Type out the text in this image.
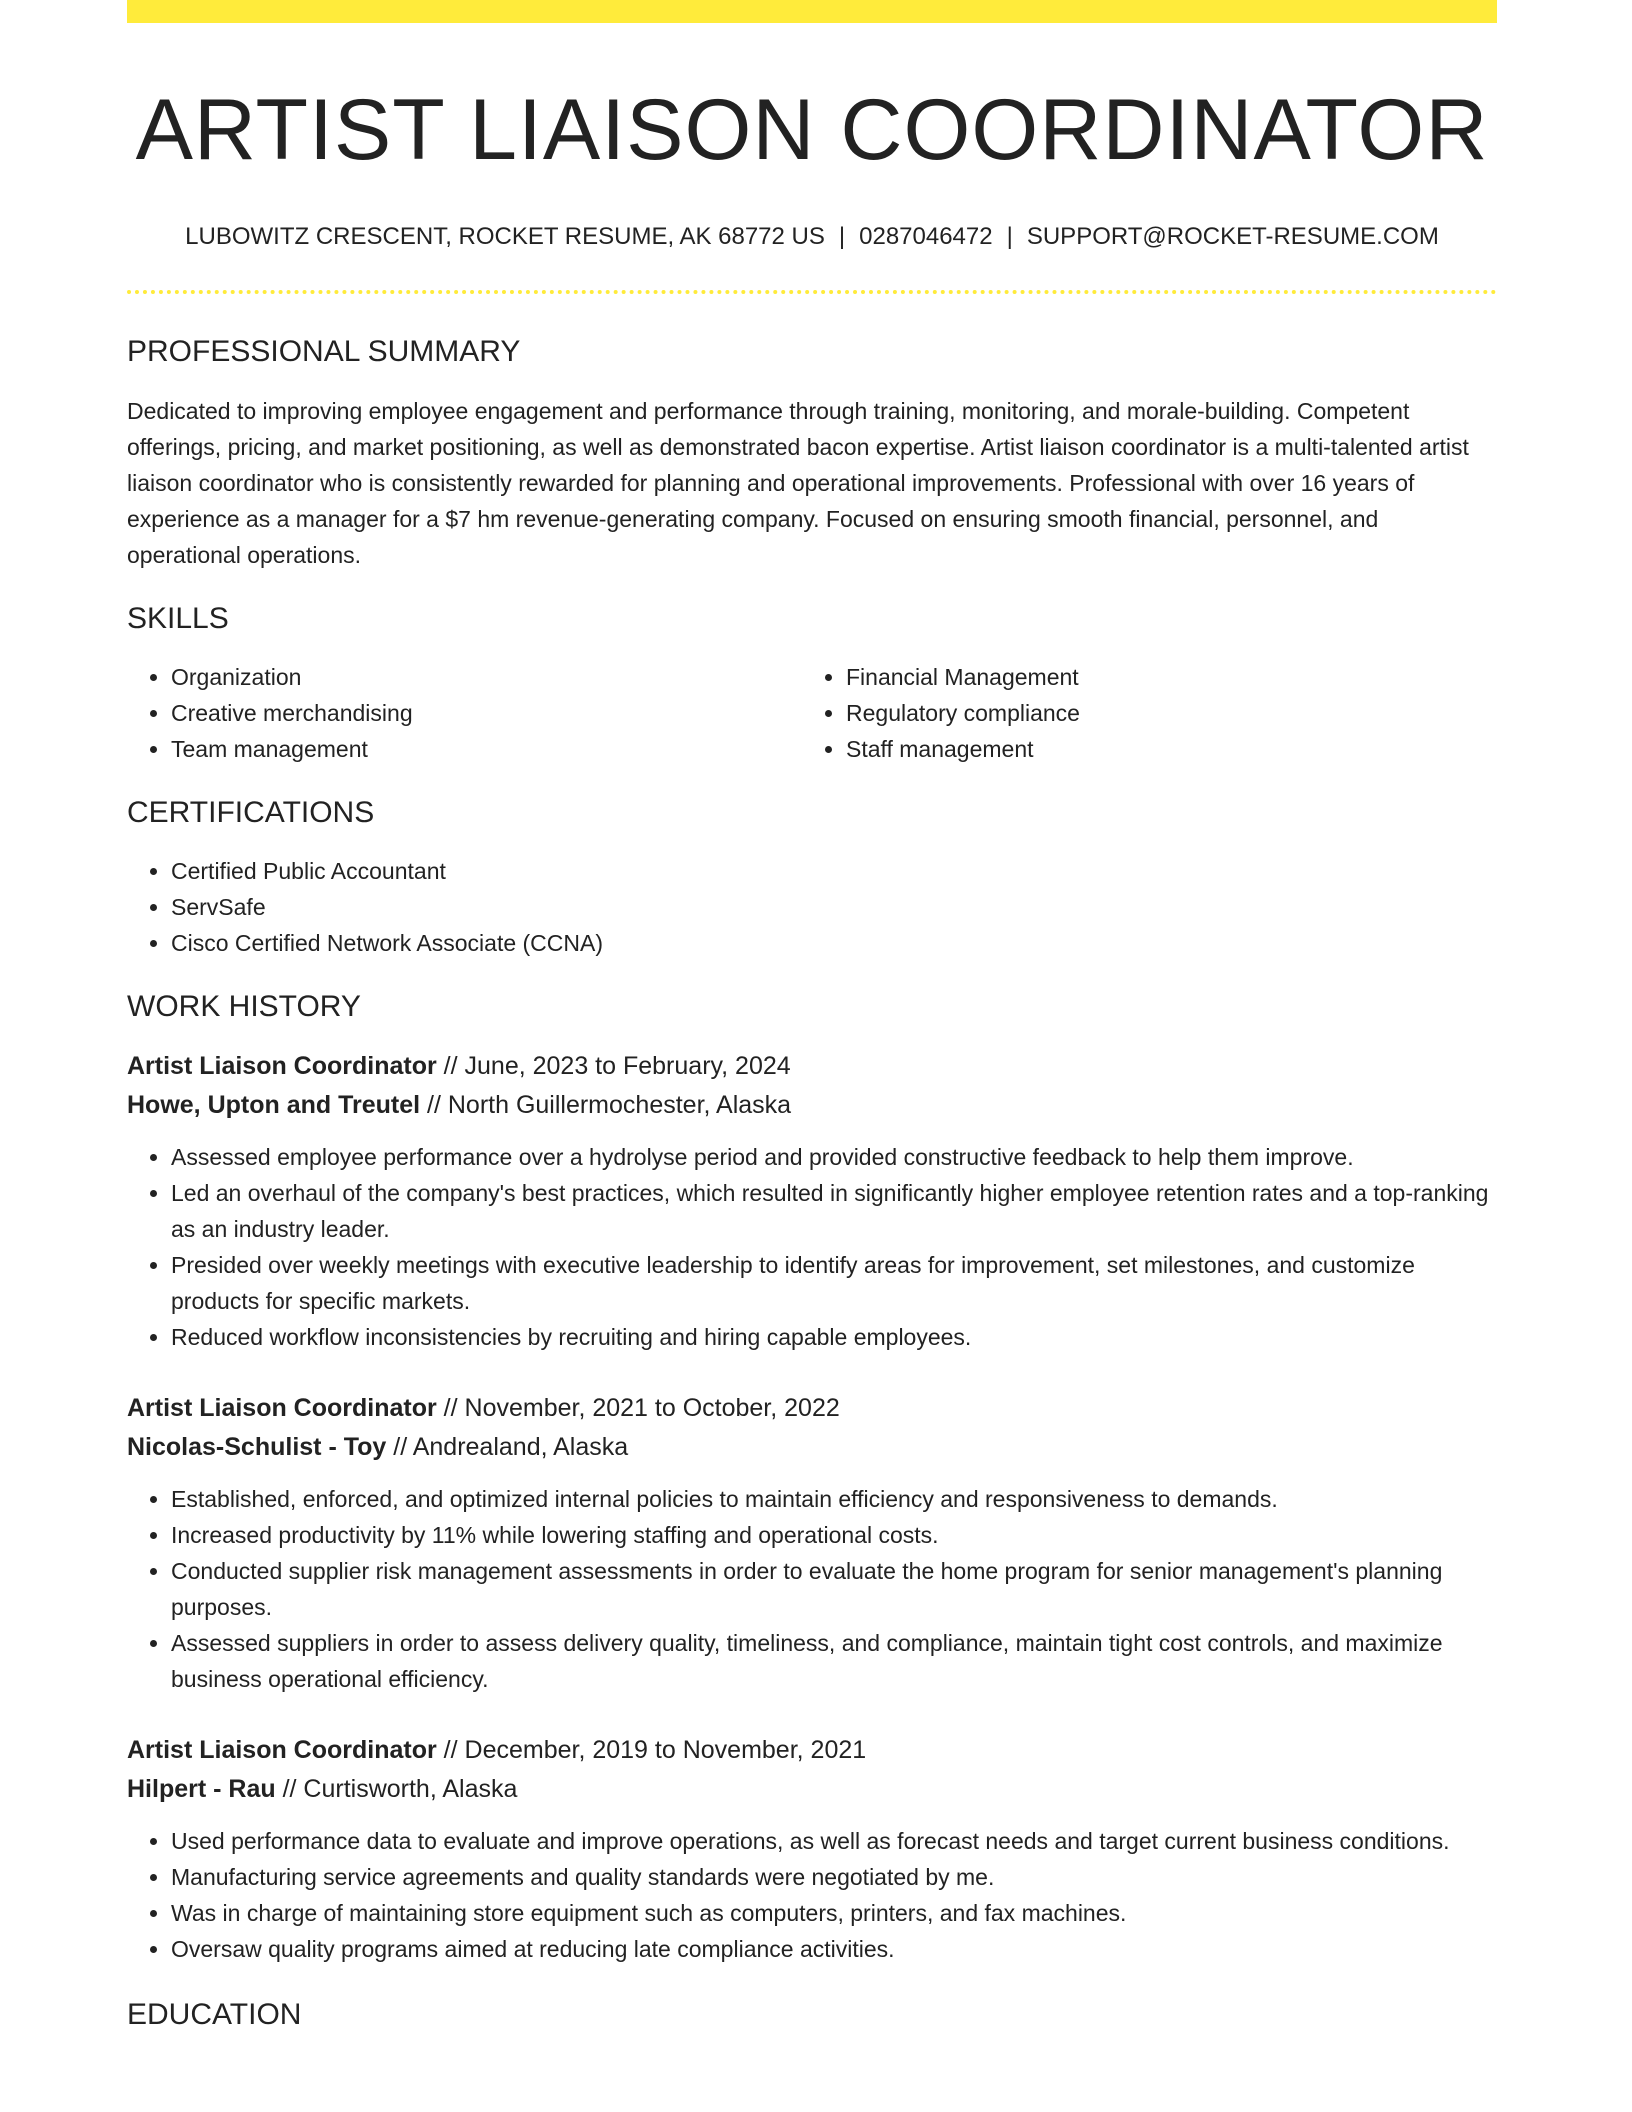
ARTIST LIAISON COORDINATOR
LUBOWITZ CRESCENT, ROCKET RESUME, AK 68772 US | 0287046472 | SUPPORT@ROCKET-RESUME.COM
PROFESSIONAL SUMMARY

Dedicated to improving employee engagement and performance through training, monitoring, and morale-building. Competent offerings, pricing, and market positioning, as well as demonstrated bacon expertise. Artist liaison coordinator is a multi-talented artist liaison coordinator who is consistently rewarded for planning and operational improvements. Professional with over 16 years of experience as a manager for a $7 hm revenue-generating company. Focused on ensuring smooth financial, personnel, and operational operations.

SKILLS
• Organization
• Creative merchandising
• Team management
• Financial Management
• Regulatory compliance
• Staff management
CERTIFICATIONS
• Certified Public Accountant
• ServSafe
• Cisco Certified Network Associate (CCNA)
WORK HISTORY
Artist Liaison Coordinator // June, 2023 to February, 2024
Howe, Upton and Treutel // North Guillermochester, Alaska
• Assessed employee performance over a hydrolyse period and provided constructive feedback to help them improve.
• Led an overhaul of the company's best practices, which resulted in significantly higher employee retention rates and a top-ranking as an industry leader.
• Presided over weekly meetings with executive leadership to identify areas for improvement, set milestones, and customize products for specific markets.
• Reduced workflow inconsistencies by recruiting and hiring capable employees.
Artist Liaison Coordinator // November, 2021 to October, 2022
Nicolas-Schulist - Toy // Andrealand, Alaska
• Established, enforced, and optimized internal policies to maintain efficiency and responsiveness to demands.
• Increased productivity by 11% while lowering staffing and operational costs.
• Conducted supplier risk management assessments in order to evaluate the home program for senior management's planning purposes.
• Assessed suppliers in order to assess delivery quality, timeliness, and compliance, maintain tight cost controls, and maximize business operational efficiency.
Artist Liaison Coordinator // December, 2019 to November, 2021
Hilpert - Rau // Curtisworth, Alaska
• Used performance data to evaluate and improve operations, as well as forecast needs and target current business conditions.
• Manufacturing service agreements and quality standards were negotiated by me.
• Was in charge of maintaining store equipment such as computers, printers, and fax machines.
• Oversaw quality programs aimed at reducing late compliance activities.
EDUCATION
